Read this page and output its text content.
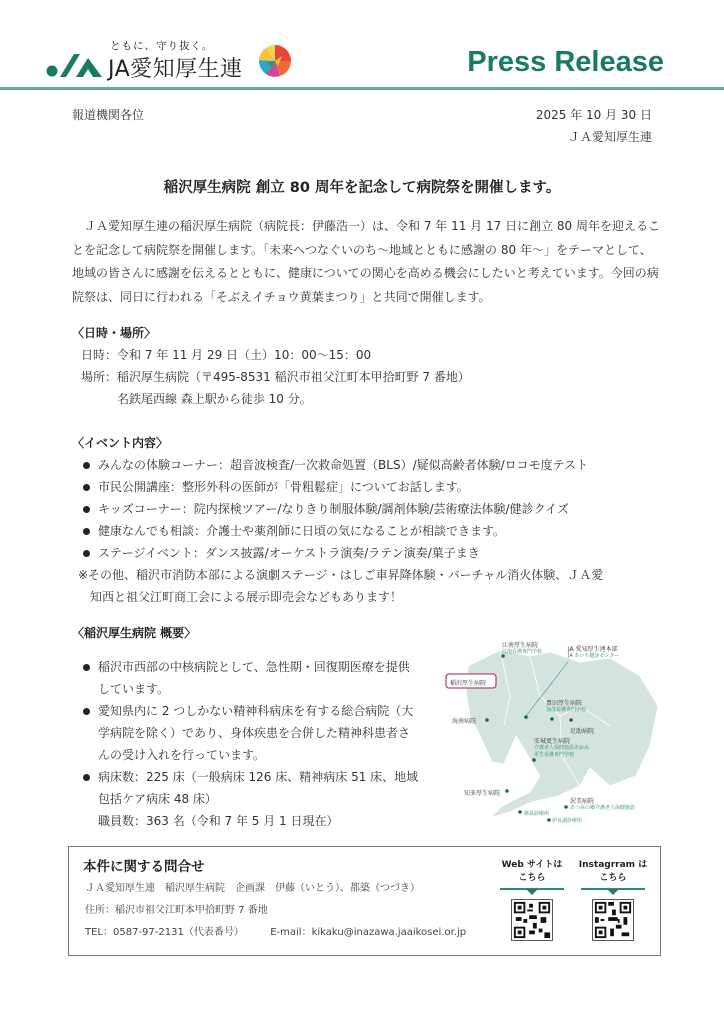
ともに、守り抜く。
JA愛知厚生連	Press Release
報道機関各位	2025 年 10 月 30 日
ＪＡ愛知厚生連
稲沢厚生病院 創立 80 周年を記念して病院祭を開催します。
ＪＡ愛知厚生連の稲沢厚生病院（病院長：伊藤浩一）は、令和 7 年 11 月 17 日に創立 80 周年を迎えることを記念して病院祭を開催します。「未来へつなぐいのち～地域とともに感謝の 80 年～」をテーマとして、地域の皆さんに感謝を伝えるとともに、健康についての関心を高める機会にしたいと考えています。今回の病院祭は、同日に行われる「そぶえイチョウ黄葉まつり」と共同で開催します。
〈日時・場所〉
日時：令和 7 年 11 月 29 日（土）10：00～15：00
場所：稲沢厚生病院（〒495-8531 稲沢市祖父江町本甲拾町野 7 番地）
名鉄尾西線 森上駅から徒歩 10 分。
〈イベント内容〉
みんなの体験コーナー：超音波検査/一次救命処置（BLS）/疑似高齢者体験/ロコモ度テスト
市民公開講座：整形外科の医師が「骨粗鬆症」についてお話します。
キッズコーナー：院内探検ツアー/なりきり制服体験/調剤体験/芸術療法体験/健診クイズ
健康なんでも相談：介護士や薬剤師に日頃の気になることが相談できます。
ステージイベント：ダンス披露/オーケストラ演奏/ラテン演奏/菓子まき
※その他、稲沢市消防本部による演劇ステージ・はしご車昇降体験・バーチャル消火体験、ＪＡ愛
知西と祖父江町商工会による展示即売会などもあります！
〈稲沢厚生病院 概要〉
稲沢市西部の中核病院として、急性期・回復期医療を提供
しています。
愛知県内に 2 つしかない精神科病床を有する総合病院（大
学病院を除く）であり、身体疾患を合併した精神科患者さ
んの受け入れを行っています。
病床数：225 床（一般病床 126 床、精神病床 51 床、地域
包括ケア病床 48 床）
職員数：363 名（令和 7 年 5 月 1 日現在）
稲沢厚生病院
江南厚生病院
江南看護専門学校	JA 愛知厚生連本部
JA あいち健診センター
豊田厚生病院
加茂看護専門学校
足助病院
海南病院
安城更生病院
介護老人保健施設あおみ
更生看護専門学校
知多厚生病院
篠島診療所
渥美病院
あつみの郷介護老人保健施設
伊良湖診療所
本件に関する問合せ
ＪＡ愛知厚生連　稲沢厚生病院　企画課　伊藤（いとう）、都築（つづき）
住所：稲沢市祖父江町本甲拾町野 7 番地
TEL：0587-97-2131（代表番号）	E-mail：kikaku@inazawa.jaaikosei.or.jp
Web サイトは
こちら
Instagrram は
こちら
